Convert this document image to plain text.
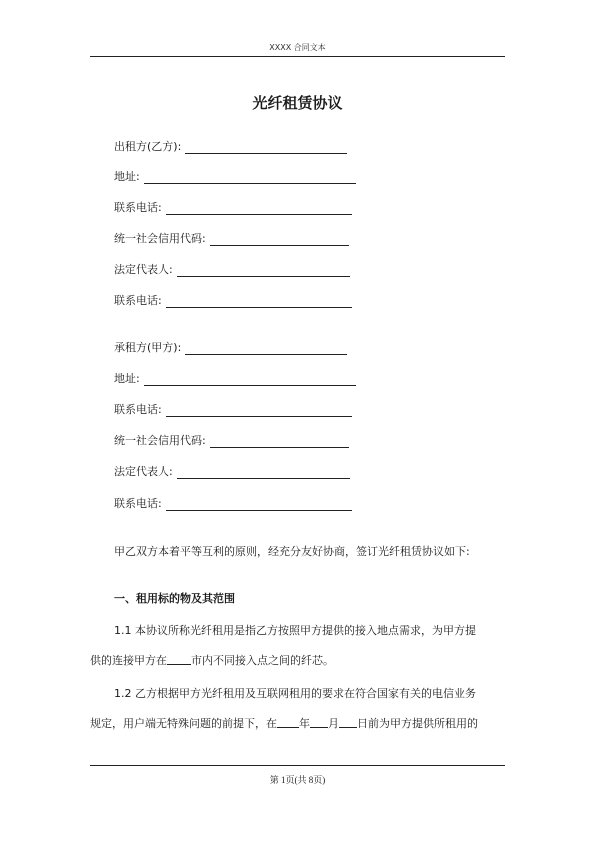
XXXX 合同文本
光纤租赁协议
出租方(乙方):
地址:
联系电话:
统一社会信用代码:
法定代表人:
联系电话:
承租方(甲方):
地址:
联系电话:
统一社会信用代码:
法定代表人:
联系电话:
甲乙双方本着平等互利的原则，经充分友好协商，签订光纤租赁协议如下:
一、租用标的物及其范围
1.1 本协议所称光纤租用是指乙方按照甲方提供的接入地点需求，为甲方提
供的连接甲方在 市内不同接入点之间的纤芯。
1.2 乙方根据甲方光纤租用及互联网租用的要求在符合国家有关的电信业务
规定，用户端无特殊问题的前提下，在 年 月 日前为甲方提供所租用的
第 1页(共 8页)
